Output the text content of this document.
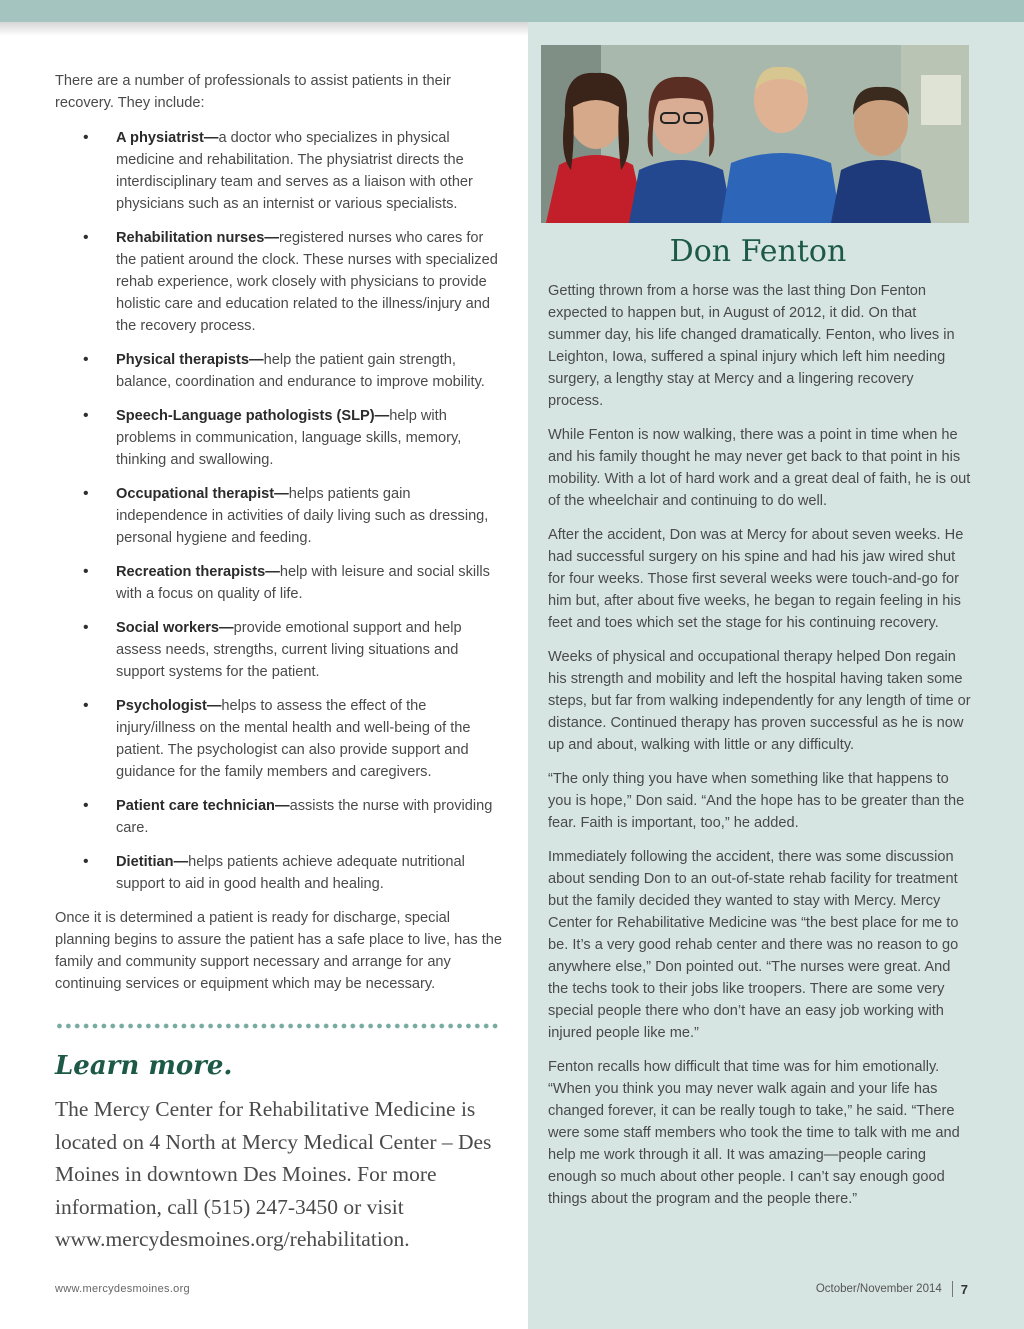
There are a number of professionals to assist patients in their recovery. They include:

• A physiatrist—a doctor who specializes in physical medicine and rehabilitation. The physiatrist directs the interdisciplinary team and serves as a liaison with other physicians such as an internist or various specialists.
• Rehabilitation nurses—registered nurses who cares for the patient around the clock. These nurses with specialized rehab experience, work closely with physicians to provide holistic care and education related to the illness/injury and the recovery process.
• Physical therapists—help the patient gain strength, balance, coordination and endurance to improve mobility.
• Speech-Language pathologists (SLP)—help with problems in communication, language skills, memory, thinking and swallowing.
• Occupational therapist—helps patients gain independence in activities of daily living such as dressing, personal hygiene and feeding.
• Recreation therapists—help with leisure and social skills with a focus on quality of life.
• Social workers—provide emotional support and help assess needs, strengths, current living situations and support systems for the patient.
• Psychologist—helps to assess the effect of the injury/illness on the mental health and well-being of the patient. The psychologist can also provide support and guidance for the family members and caregivers.
• Patient care technician—assists the nurse with providing care.
• Dietitian—helps patients achieve adequate nutritional support to aid in good health and healing.

Once it is determined a patient is ready for discharge, special planning begins to assure the patient has a safe place to live, has the family and community support necessary and arrange for any continuing services or equipment which may be necessary.

Learn more.

The Mercy Center for Rehabilitative Medicine is located on 4 North at Mercy Medical Center – Des Moines in downtown Des Moines. For more information, call (515) 247-3450 or visit www.mercydesmoines.org/rehabilitation.

Don Fenton

Getting thrown from a horse was the last thing Don Fenton expected to happen but, in August of 2012, it did. On that summer day, his life changed dramatically. Fenton, who lives in Leighton, Iowa, suffered a spinal injury which left him needing surgery, a lengthy stay at Mercy and a lingering recovery process.

While Fenton is now walking, there was a point in time when he and his family thought he may never get back to that point in his mobility. With a lot of hard work and a great deal of faith, he is out of the wheelchair and continuing to do well.

After the accident, Don was at Mercy for about seven weeks. He had successful surgery on his spine and had his jaw wired shut for four weeks. Those first several weeks were touch-and-go for him but, after about five weeks, he began to regain feeling in his feet and toes which set the stage for his continuing recovery.

Weeks of physical and occupational therapy helped Don regain his strength and mobility and left the hospital having taken some steps, but far from walking independently for any length of time or distance. Continued therapy has proven successful as he is now up and about, walking with little or any difficulty.

“The only thing you have when something like that happens to you is hope,” Don said. “And the hope has to be greater than the fear. Faith is important, too,” he added.

Immediately following the accident, there was some discussion about sending Don to an out-of-state rehab facility for treatment but the family decided they wanted to stay with Mercy. Mercy Center for Rehabilitative Medicine was “the best place for me to be. It’s a very good rehab center and there was no reason to go anywhere else,” Don pointed out. “The nurses were great. And the techs took to their jobs like troopers. There are some very special people there who don’t have an easy job working with injured people like me.”

Fenton recalls how difficult that time was for him emotionally. “When you think you may never walk again and your life has changed forever, it can be really tough to take,” he said. “There were some staff members who took the time to talk with me and help me work through it all. It was amazing—people caring enough so much about other people. I can’t say enough good things about the program and the people there.”

www.mercydesmoines.org	October/November 2014 7
